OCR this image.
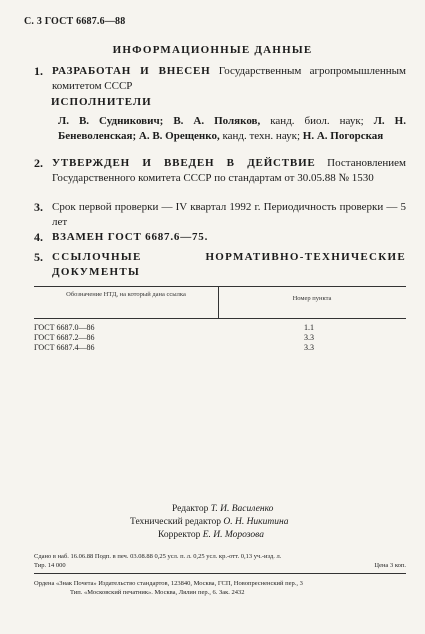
С. 3 ГОСТ 6687.6—88
ИНФОРМАЦИОННЫЕ ДАННЫЕ
1. РАЗРАБОТАН И ВНЕСЕН Государственным агропромышленным комитетом СССР
ИСПОЛНИТЕЛИ
Л. В. Судникович; В. А. Поляков, канд. биол. наук; Л. Н. Беневоленская; А. В. Орещенко, канд. техн. наук; Н. А. Погорская
2. УТВЕРЖДЕН И ВВЕДЕН В ДЕЙСТВИЕ Постановлением Государственного комитета СССР по стандартам от 30.05.88 № 1530
3. Срок первой проверки — IV квартал 1992 г. Периодичность проверки — 5 лет
4. ВЗАМЕН ГОСТ 6687.6—75.
5. ССЫЛОЧНЫЕ НОРМАТИВНО-ТЕХНИЧЕСКИЕ ДОКУМЕНТЫ
Обозначение НТД, на который дана ссылка
Номер пункта
ГОСТ 6687.0—86	1.1
ГОСТ 6687.2—86	3.3
ГОСТ 6687.4—86	3.3
Редактор Т. И. Василенко
Технический редактор О. Н. Никитина
Корректор Е. И. Морозова
Сдано в наб. 16.06.88 Подп. в печ. 03.08.88 0,25 усл. п. л. 0,25 усл. кр.-отт. 0,13 уч.-изд. л.
Тир. 14 000	Цена 3 коп.
Ордена «Знак Почета» Издательство стандартов, 123840, Москва, ГСП, Новопресненский пер., 3
Тип. «Московский печатник». Москва, Лялин пер., 6. Зак. 2432
